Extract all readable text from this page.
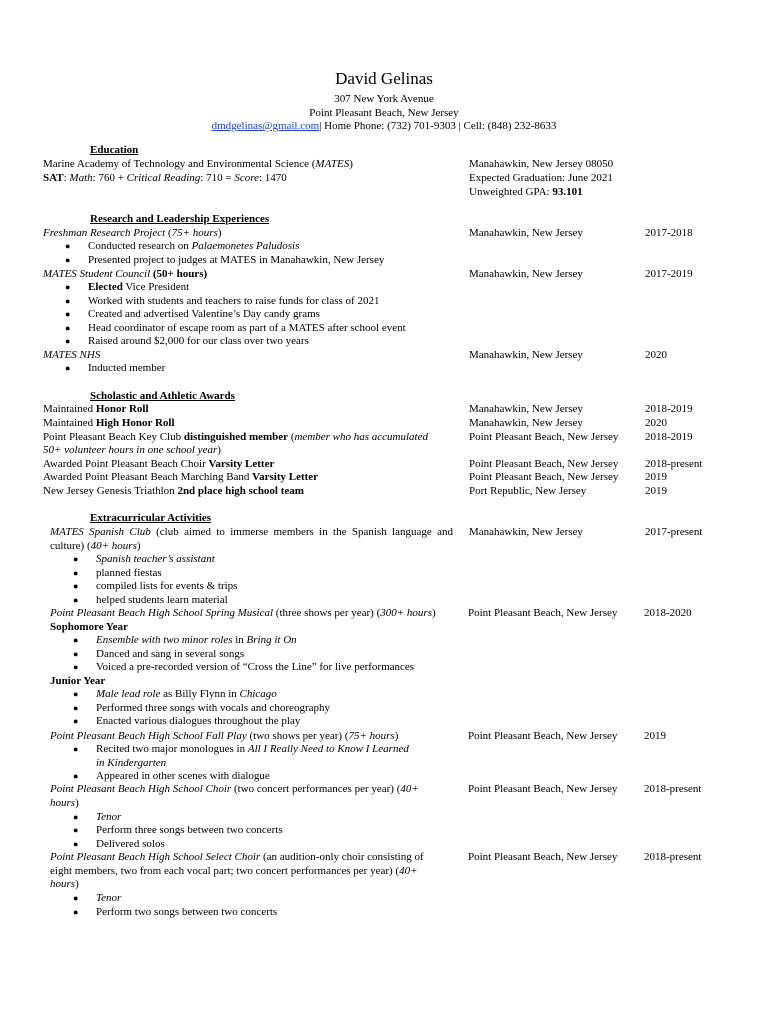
David Gelinas
307 New York Avenue
Point Pleasant Beach, New Jersey
dmdgelinas@gmail.com| Home Phone: (732) 701-9303 | Cell: (848) 232-8633
Education
Marine Academy of Technology and Environmental Science (MATES)	Manahawkin, New Jersey 08050
SAT: Math: 760 + Critical Reading: 710 = Score: 1470	Expected Graduation: June 2021
Unweighted GPA: 93.101
Research and Leadership Experiences
Freshman Research Project (75+ hours)	Manahawkin, New Jersey	2017-2018
● Conducted research on Palaemonetes Paludosis
● Presented project to judges at MATES in Manahawkin, New Jersey
MATES Student Council (50+ hours)	Manahawkin, New Jersey	2017-2019
● Elected Vice President
● Worked with students and teachers to raise funds for class of 2021
● Created and advertised Valentine’s Day candy grams
● Head coordinator of escape room as part of a MATES after school event
● Raised around $2,000 for our class over two years
MATES NHS	Manahawkin, New Jersey	2020
● Inducted member
Scholastic and Athletic Awards
Maintained Honor Roll	Manahawkin, New Jersey	2018-2019
Maintained High Honor Roll	Manahawkin, New Jersey	2020
Point Pleasant Beach Key Club distinguished member (member who has accumulated	Point Pleasant Beach, New Jersey 2018-2019
50+ volunteer hours in one school year)
Awarded Point Pleasant Beach Choir Varsity Letter	Point Pleasant Beach, New Jersey 2018-present
Awarded Point Pleasant Beach Marching Band Varsity Letter	Point Pleasant Beach, New Jersey 2019
New Jersey Genesis Triathlon 2nd place high school team	Port Republic, New Jersey	2019
Extracurricular Activities
MATES Spanish Club (club aimed to immerse members in the Spanish language and culture) (40+ hours)
Manahawkin, New Jersey	2017-present
● Spanish teacher’s assistant
● planned fiestas
● compiled lists for events & trips
● helped students learn material
Point Pleasant Beach High School Spring Musical (three shows per year) (300+ hours)	Point Pleasant Beach, New Jersey 2018-2020
Sophomore Year
● Ensemble with two minor roles in Bring it On
● Danced and sang in several songs
● Voiced a pre-recorded version of “Cross the Line” for live performances
Junior Year
● Male lead role as Billy Flynn in Chicago
● Performed three songs with vocals and choreography
● Enacted various dialogues throughout the play
Point Pleasant Beach High School Fall Play (two shows per year) (75+ hours)	Point Pleasant Beach, New Jersey 2019
● Recited two major monologues in All I Really Need to Know I Learned
in Kindergarten
● Appeared in other scenes with dialogue
Point Pleasant Beach High School Choir (two concert performances per year) (40+	Point Pleasant Beach, New Jersey 2018-present
hours)
● Tenor
● Perform three songs between two concerts
● Delivered solos
Point Pleasant Beach High School Select Choir (an audition-only choir consisting of	Point Pleasant Beach, New Jersey 2018-present
eight members, two from each vocal part; two concert performances per year) (40+
hours)
● Tenor
● Perform two songs between two concerts
